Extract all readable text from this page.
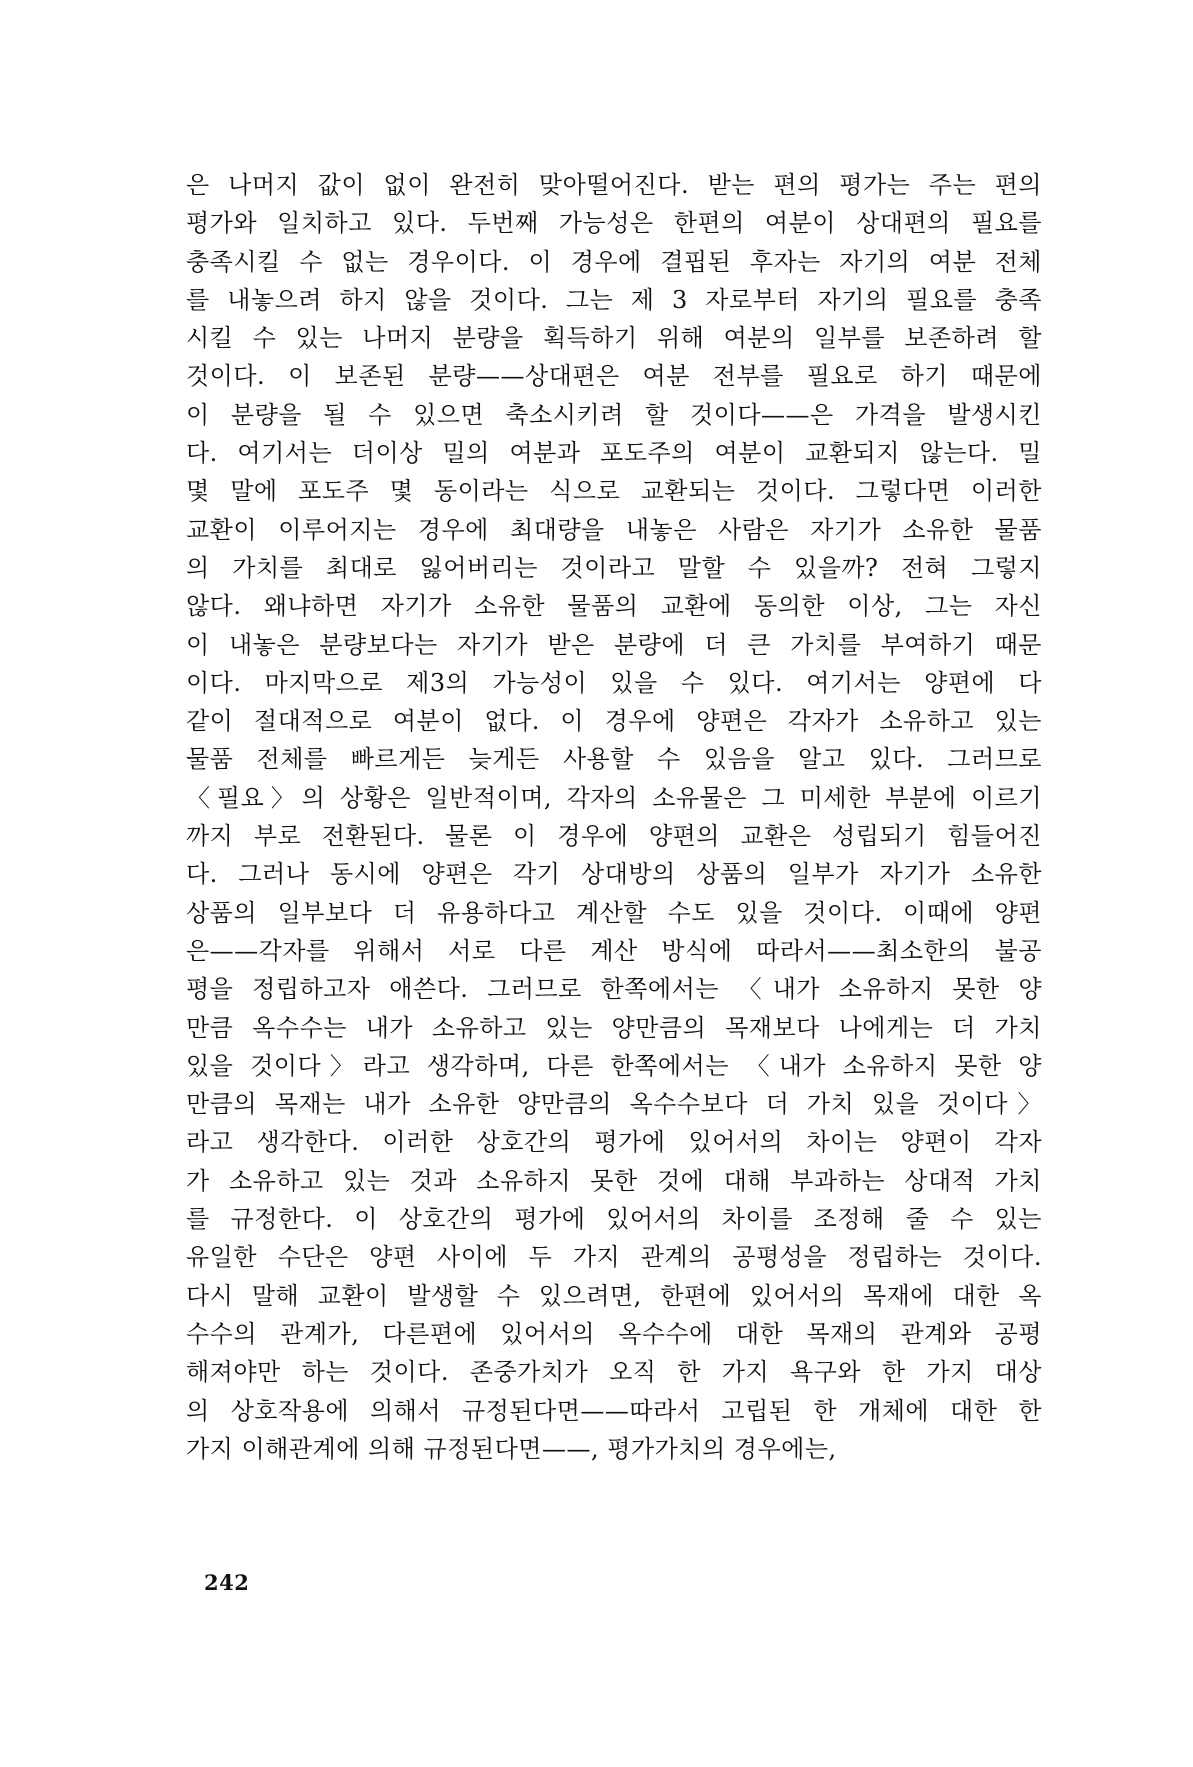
은 나머지 값이 없이 완전히 맞아떨어진다. 받는 편의 평가는 주는 편의
평가와 일치하고 있다. 두번째 가능성은 한편의 여분이 상대편의 필요를
충족시킬 수 없는 경우이다. 이 경우에 결핍된 후자는 자기의 여분 전체
를 내놓으려 하지 않을 것이다. 그는 제 3 자로부터 자기의 필요를 충족
시킬 수 있는 나머지 분량을 획득하기 위해 여분의 일부를 보존하려 할
것이다. 이 보존된 분량——상대편은 여분 전부를 필요로 하기 때문에
이 분량을 될 수 있으면 축소시키려 할 것이다——은 가격을 발생시킨
다. 여기서는 더이상 밀의 여분과 포도주의 여분이 교환되지 않는다. 밀
몇 말에 포도주 몇 동이라는 식으로 교환되는 것이다. 그렇다면 이러한
교환이 이루어지는 경우에 최대량을 내놓은 사람은 자기가 소유한 물품
의 가치를 최대로 잃어버리는 것이라고 말할 수 있을까? 전혀 그렇지
않다. 왜냐하면 자기가 소유한 물품의 교환에 동의한 이상, 그는 자신
이 내놓은 분량보다는 자기가 받은 분량에 더 큰 가치를 부여하기 때문
이다. 마지막으로 제3의 가능성이 있을 수 있다. 여기서는 양편에 다
같이 절대적으로 여분이 없다. 이 경우에 양편은 각자가 소유하고 있는
물품 전체를 빠르게든 늦게든 사용할 수 있음을 알고 있다. 그러므로
〈필요〉의 상황은 일반적이며, 각자의 소유물은 그 미세한 부분에 이르기
까지 부로 전환된다. 물론 이 경우에 양편의 교환은 성립되기 힘들어진
다. 그러나 동시에 양편은 각기 상대방의 상품의 일부가 자기가 소유한
상품의 일부보다 더 유용하다고 계산할 수도 있을 것이다. 이때에 양편
은——각자를 위해서 서로 다른 계산 방식에 따라서——최소한의 불공
평을 정립하고자 애쓴다. 그러므로 한쪽에서는 〈내가 소유하지 못한 양
만큼 옥수수는 내가 소유하고 있는 양만큼의 목재보다 나에게는 더 가치
있을 것이다〉라고 생각하며, 다른 한쪽에서는 〈내가 소유하지 못한 양
만큼의 목재는 내가 소유한 양만큼의 옥수수보다 더 가치 있을 것이다〉
라고 생각한다. 이러한 상호간의 평가에 있어서의 차이는 양편이 각자
가 소유하고 있는 것과 소유하지 못한 것에 대해 부과하는 상대적 가치
를 규정한다. 이 상호간의 평가에 있어서의 차이를 조정해 줄 수 있는
유일한 수단은 양편 사이에 두 가지 관계의 공평성을 정립하는 것이다.
다시 말해 교환이 발생할 수 있으려면, 한편에 있어서의 목재에 대한 옥
수수의 관계가, 다른편에 있어서의 옥수수에 대한 목재의 관계와 공평
해져야만 하는 것이다. 존중가치가 오직 한 가지 욕구와 한 가지 대상
의 상호작용에 의해서 규정된다면——따라서 고립된 한 개체에 대한 한
가지 이해관계에 의해 규정된다면——, 평가가치의 경우에는,
242
